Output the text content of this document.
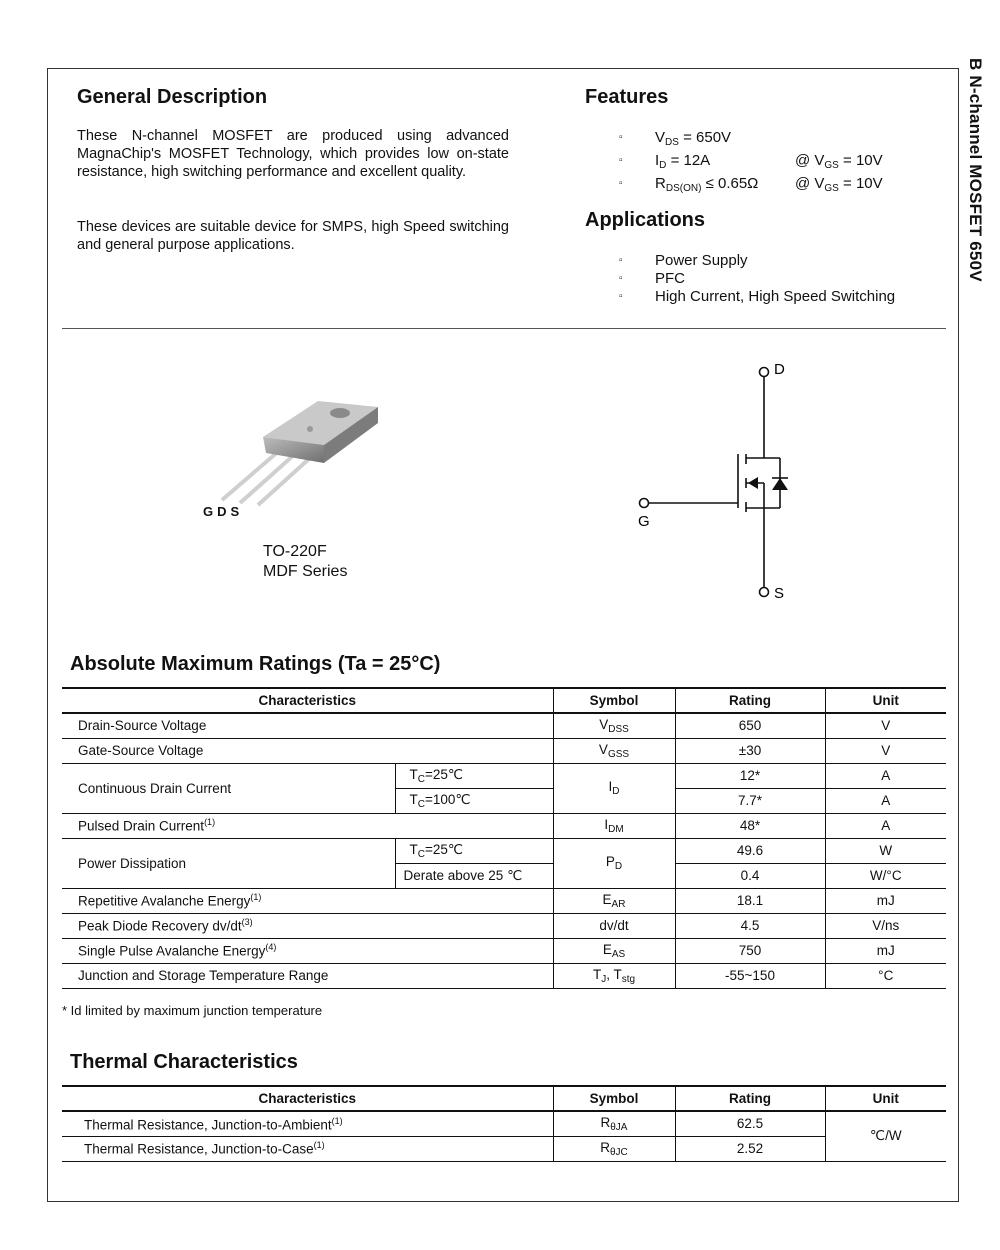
B N-channel MOSFET 650V
General Description
These N-channel MOSFET are produced using advanced MagnaChip's MOSFET Technology, which provides low on-state resistance, high switching performance and excellent quality.
These devices are suitable device for SMPS, high Speed switching and general purpose applications.
Features
▫ $V_{DS} = 650V$
▫ $I_D = 12A$	@ $V_{GS} = 10V$
▫ $R_{DS(ON)} \le 0.65\Omega$ @ $V_{GS} = 10V$
Applications
▫ Power Supply
▫ PFC
▫ High Current, High Speed Switching
GDS
TO-220F
MDF Series
D
G
S
Absolute Maximum Ratings (Ta = 25°C)
Characteristics		Symbol	Rating	Unit
Drain-Source Voltage		$V_{DSS}$	650	V
Gate-Source Voltage		$V_{GSS}$	±30	V
Continuous Drain Current	$T_C=25℃$	$I_D$	12*	A
	$T_C=100℃$		7.7*	A
Pulsed Drain Current$^{(1)}$		$I_{DM}$	48*	A
Power Dissipation	$T_C=25℃$	$P_D$	49.6	W
	Derate above 25 ℃		0.4	W/°C
Repetitive Avalanche Energy$^{(1)}$		$E_{AR}$	18.1	mJ
Peak Diode Recovery $dv/dt^{(3)}$		dv/dt	4.5	V/ns
Single Pulse Avalanche Energy$^{(4)}$		$E_{AS}$	750	mJ
Junction and Storage Temperature Range		$T_J$, $T_{stg}$	-55~150	°C
* Id limited by maximum junction temperature
Thermal Characteristics
Characteristics	Symbol	Rating	Unit
Thermal Resistance, Junction-to-Ambient$^{(1)}$	$R_{\theta JA}$	62.5	℃/W
Thermal Resistance, Junction-to-Case$^{(1)}$	$R_{\theta JC}$	2.52	
